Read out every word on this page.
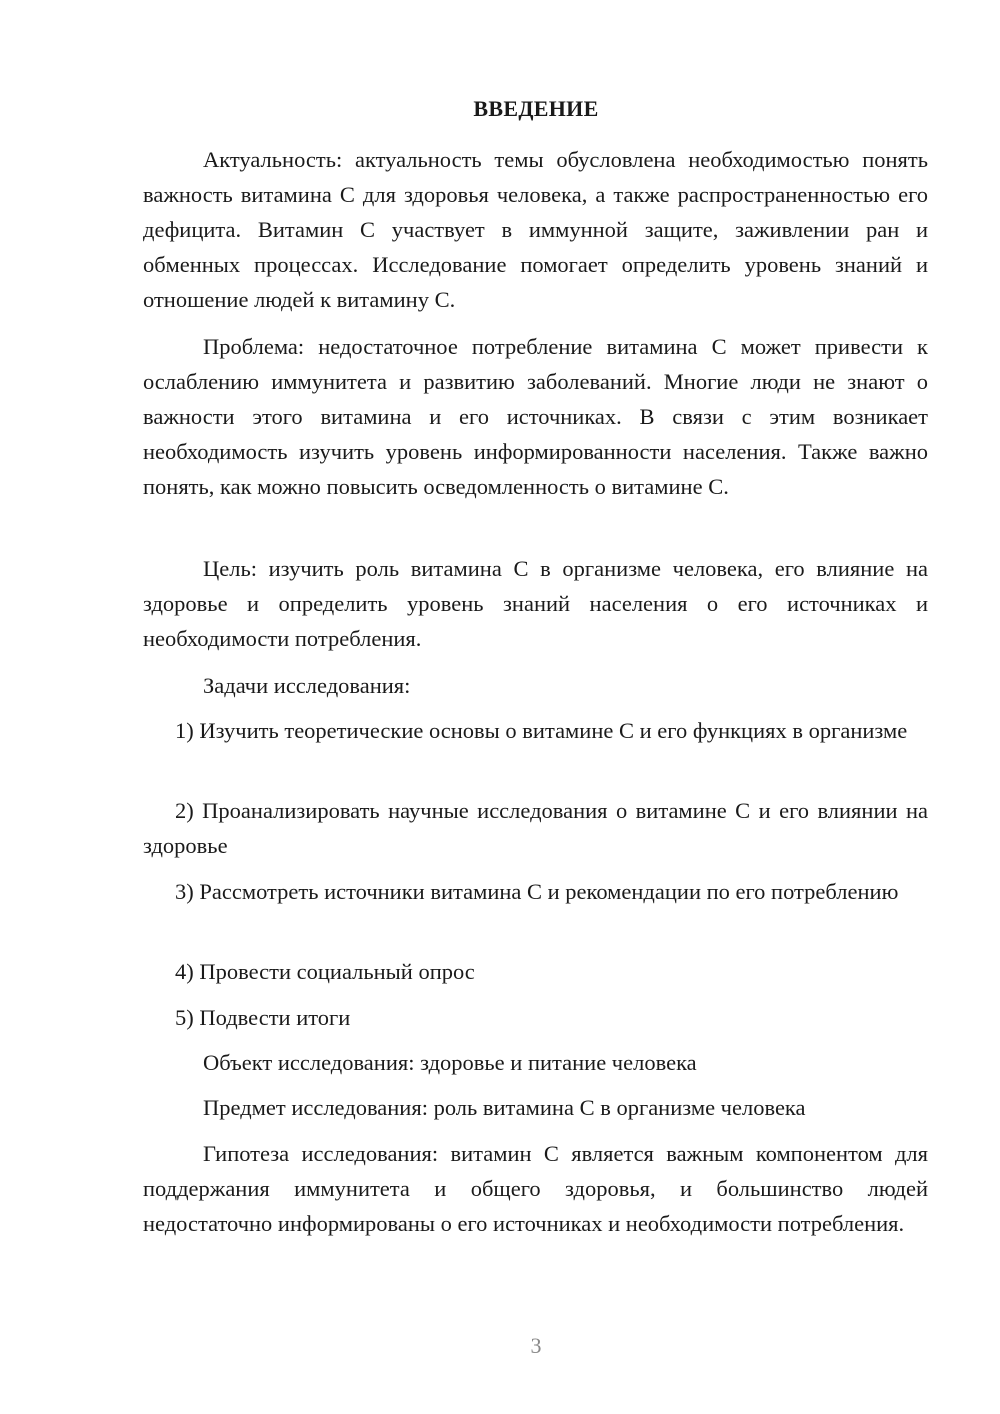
ВВЕДЕНИЕ

Актуальность: актуальность темы обусловлена необходимостью понять важность витамина С для здоровья человека, а также распространенностью его дефицита. Витамин С участвует в иммунной защите, заживлении ран и обменных процессах. Исследование помогает определить уровень знаний и отношение людей к витамину С.

Проблема: недостаточное потребление витамина С может привести к ослаблению иммунитета и развитию заболеваний. Многие люди не знают о важности этого витамина и его источниках. В связи с этим возникает необходимость изучить уровень информированности населения. Также важно понять, как можно повысить осведомленность о витамине С.

Цель: изучить роль витамина С в организме человека, его влияние на здоровье и определить уровень знаний населения о его источниках и необходимости потребления.

Задачи исследования:

1) Изучить теоретические основы о витамине С и его функциях в организме

2) Проанализировать научные исследования о витамине С и его влиянии на здоровье

3) Рассмотреть источники витамина С и рекомендации по его потреблению

4) Провести социальный опрос

5) Подвести итоги

Объект исследования: здоровье и питание человека

Предмет исследования: роль витамина С в организме человека

Гипотеза исследования: витамин С является важным компонентом для поддержания иммунитета и общего здоровья, и большинство людей недостаточно информированы о его источниках и необходимости потребления.

3
